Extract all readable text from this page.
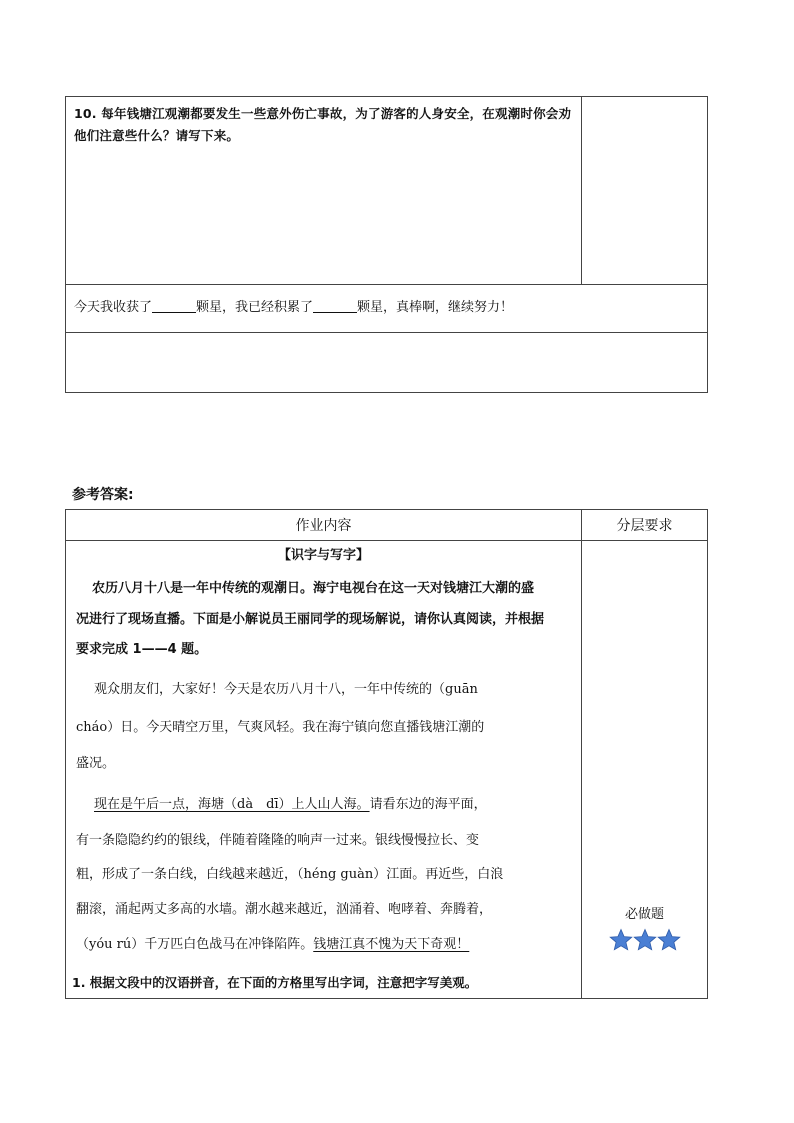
10. 每年钱塘江观潮都要发生一些意外伤亡事故，为了游客的人身安全，在观潮时你会劝他们注意些什么？请写下来。
今天我收获了	颗星，我已经积累了	颗星，真棒啊，继续努力！
参考答案:
作业内容	分层要求
【识字与写字】
农历八月十八是一年中传统的观潮日。海宁电视台在这一天对钱塘江大潮的盛
况进行了现场直播。下面是小解说员王丽同学的现场解说，请你认真阅读，并根据
要求完成 1——4 题。
观众朋友们，大家好！今天是农历八月十八，一年中传统的（guān
cháo）日。今天晴空万里，气爽风轻。我在海宁镇向您直播钱塘江潮的
盛况。
现在是午后一点，海塘（dà　dī）上人山人海。请看东边的海平面，
有一条隐隐约约的银线，伴随着隆隆的响声一过来。银线慢慢拉长、变
粗，形成了一条白线，白线越来越近，（héng guàn）江面。再近些，白浪
翻滚，涌起两丈多高的水墙。潮水越来越近，汹涌着、咆哮着、奔腾着，
（yóu rú）千万匹白色战马在冲锋陷阵。钱塘江真不愧为天下奇观！
1. 根据文段中的汉语拼音，在下面的方格里写出字词，注意把字写美观。
必做题
